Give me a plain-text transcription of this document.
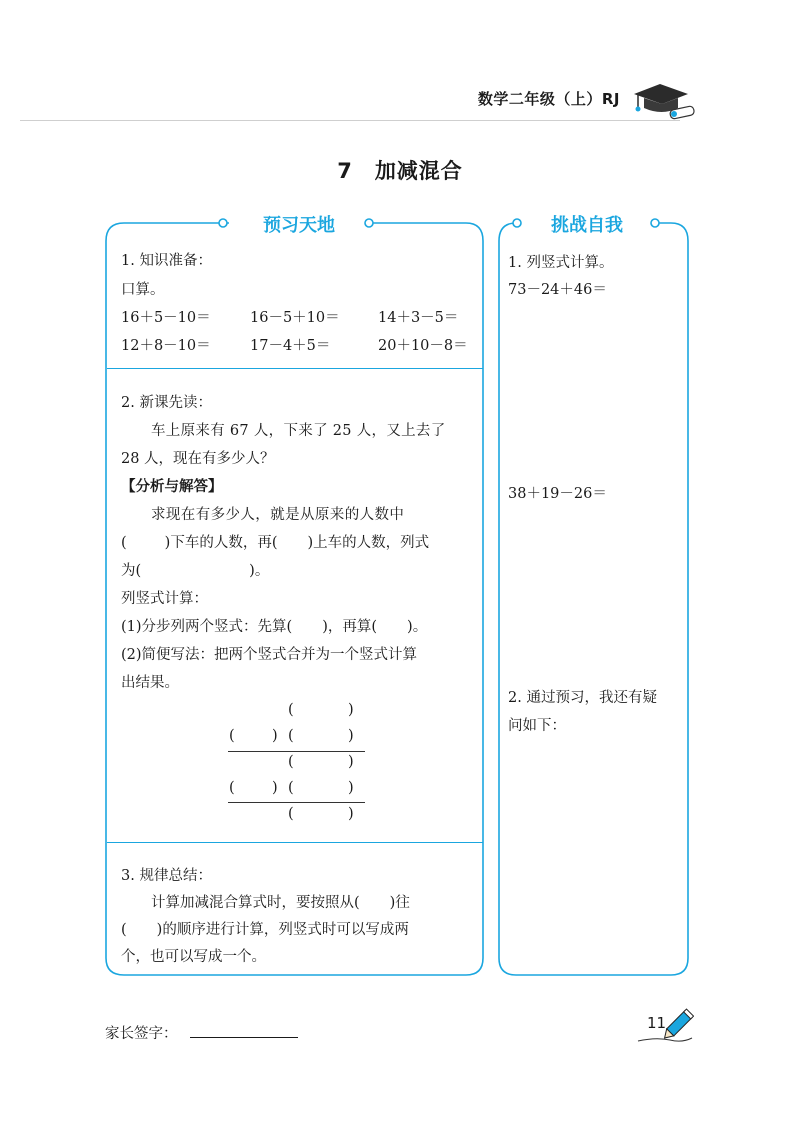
数学二年级（上）RJ
7 加减混合
预习天地	挑战自我
1. 知识准备：
口算。
16＋5－10＝	16－5＋10＝	14＋3－5＝
12＋8－10＝	17－4＋5＝	20＋10－8＝
2. 新课先读：
车上原来有 67 人，下来了 25 人，又上去了
28 人，现在有多少人？
【分析与解答】
求现在有多少人，就是从原来的人数中
(	)下车的人数，再( )上车的人数，列式
为(	)。
列竖式计算：
(1)分步列两个竖式：先算( )，再算( )。
(2)简便写法：把两个竖式合并为一个竖式计算
出结果。
(	)
(	) (	)
(	)
(	) (	)
(	)
3. 规律总结：
计算加减混合算式时，要按照从( )往
( )的顺序进行计算，列竖式时可以写成两
个，也可以写成一个。
1. 列竖式计算。
73－24＋46＝
38＋19－26＝
2. 通过预习，我还有疑
问如下：
家长签字：
11
